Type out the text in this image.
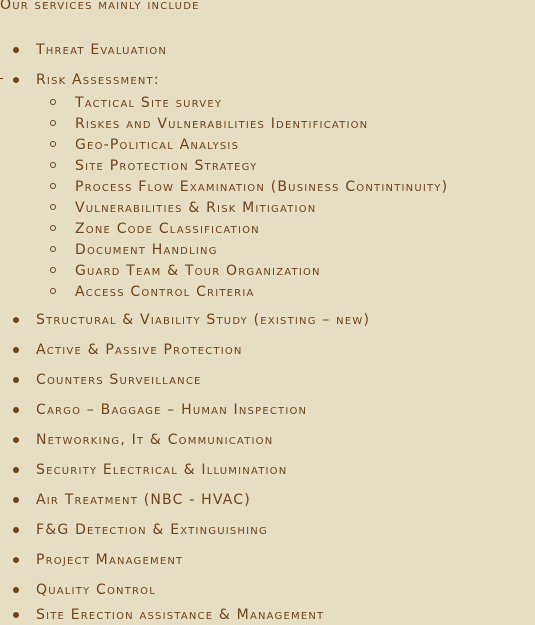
Our services mainly include
Threat Evaluation
Risk Assessment:
Tactical Site survey
Riskes and Vulnerabilities Identification
Geo-Political Analysis
Site Protection Strategy
Process Flow Examination (Business Contintinuity)
Vulnerabilities & Risk Mitigation
Zone Code Classification
Document Handling
Guard Team & Tour Organization
Access Control Criteria
Structural & Viability Study (existing – new)
Active & Passive Protection
Counters Surveillance
Cargo – Baggage – Human Inspection
Networking, It & Communication
Security Electrical & Illumination
Air Treatment (NBC - HVAC)
F&G Detection & Extinguishing
Project Management
Quality Control
Site Erection assistance & Management
